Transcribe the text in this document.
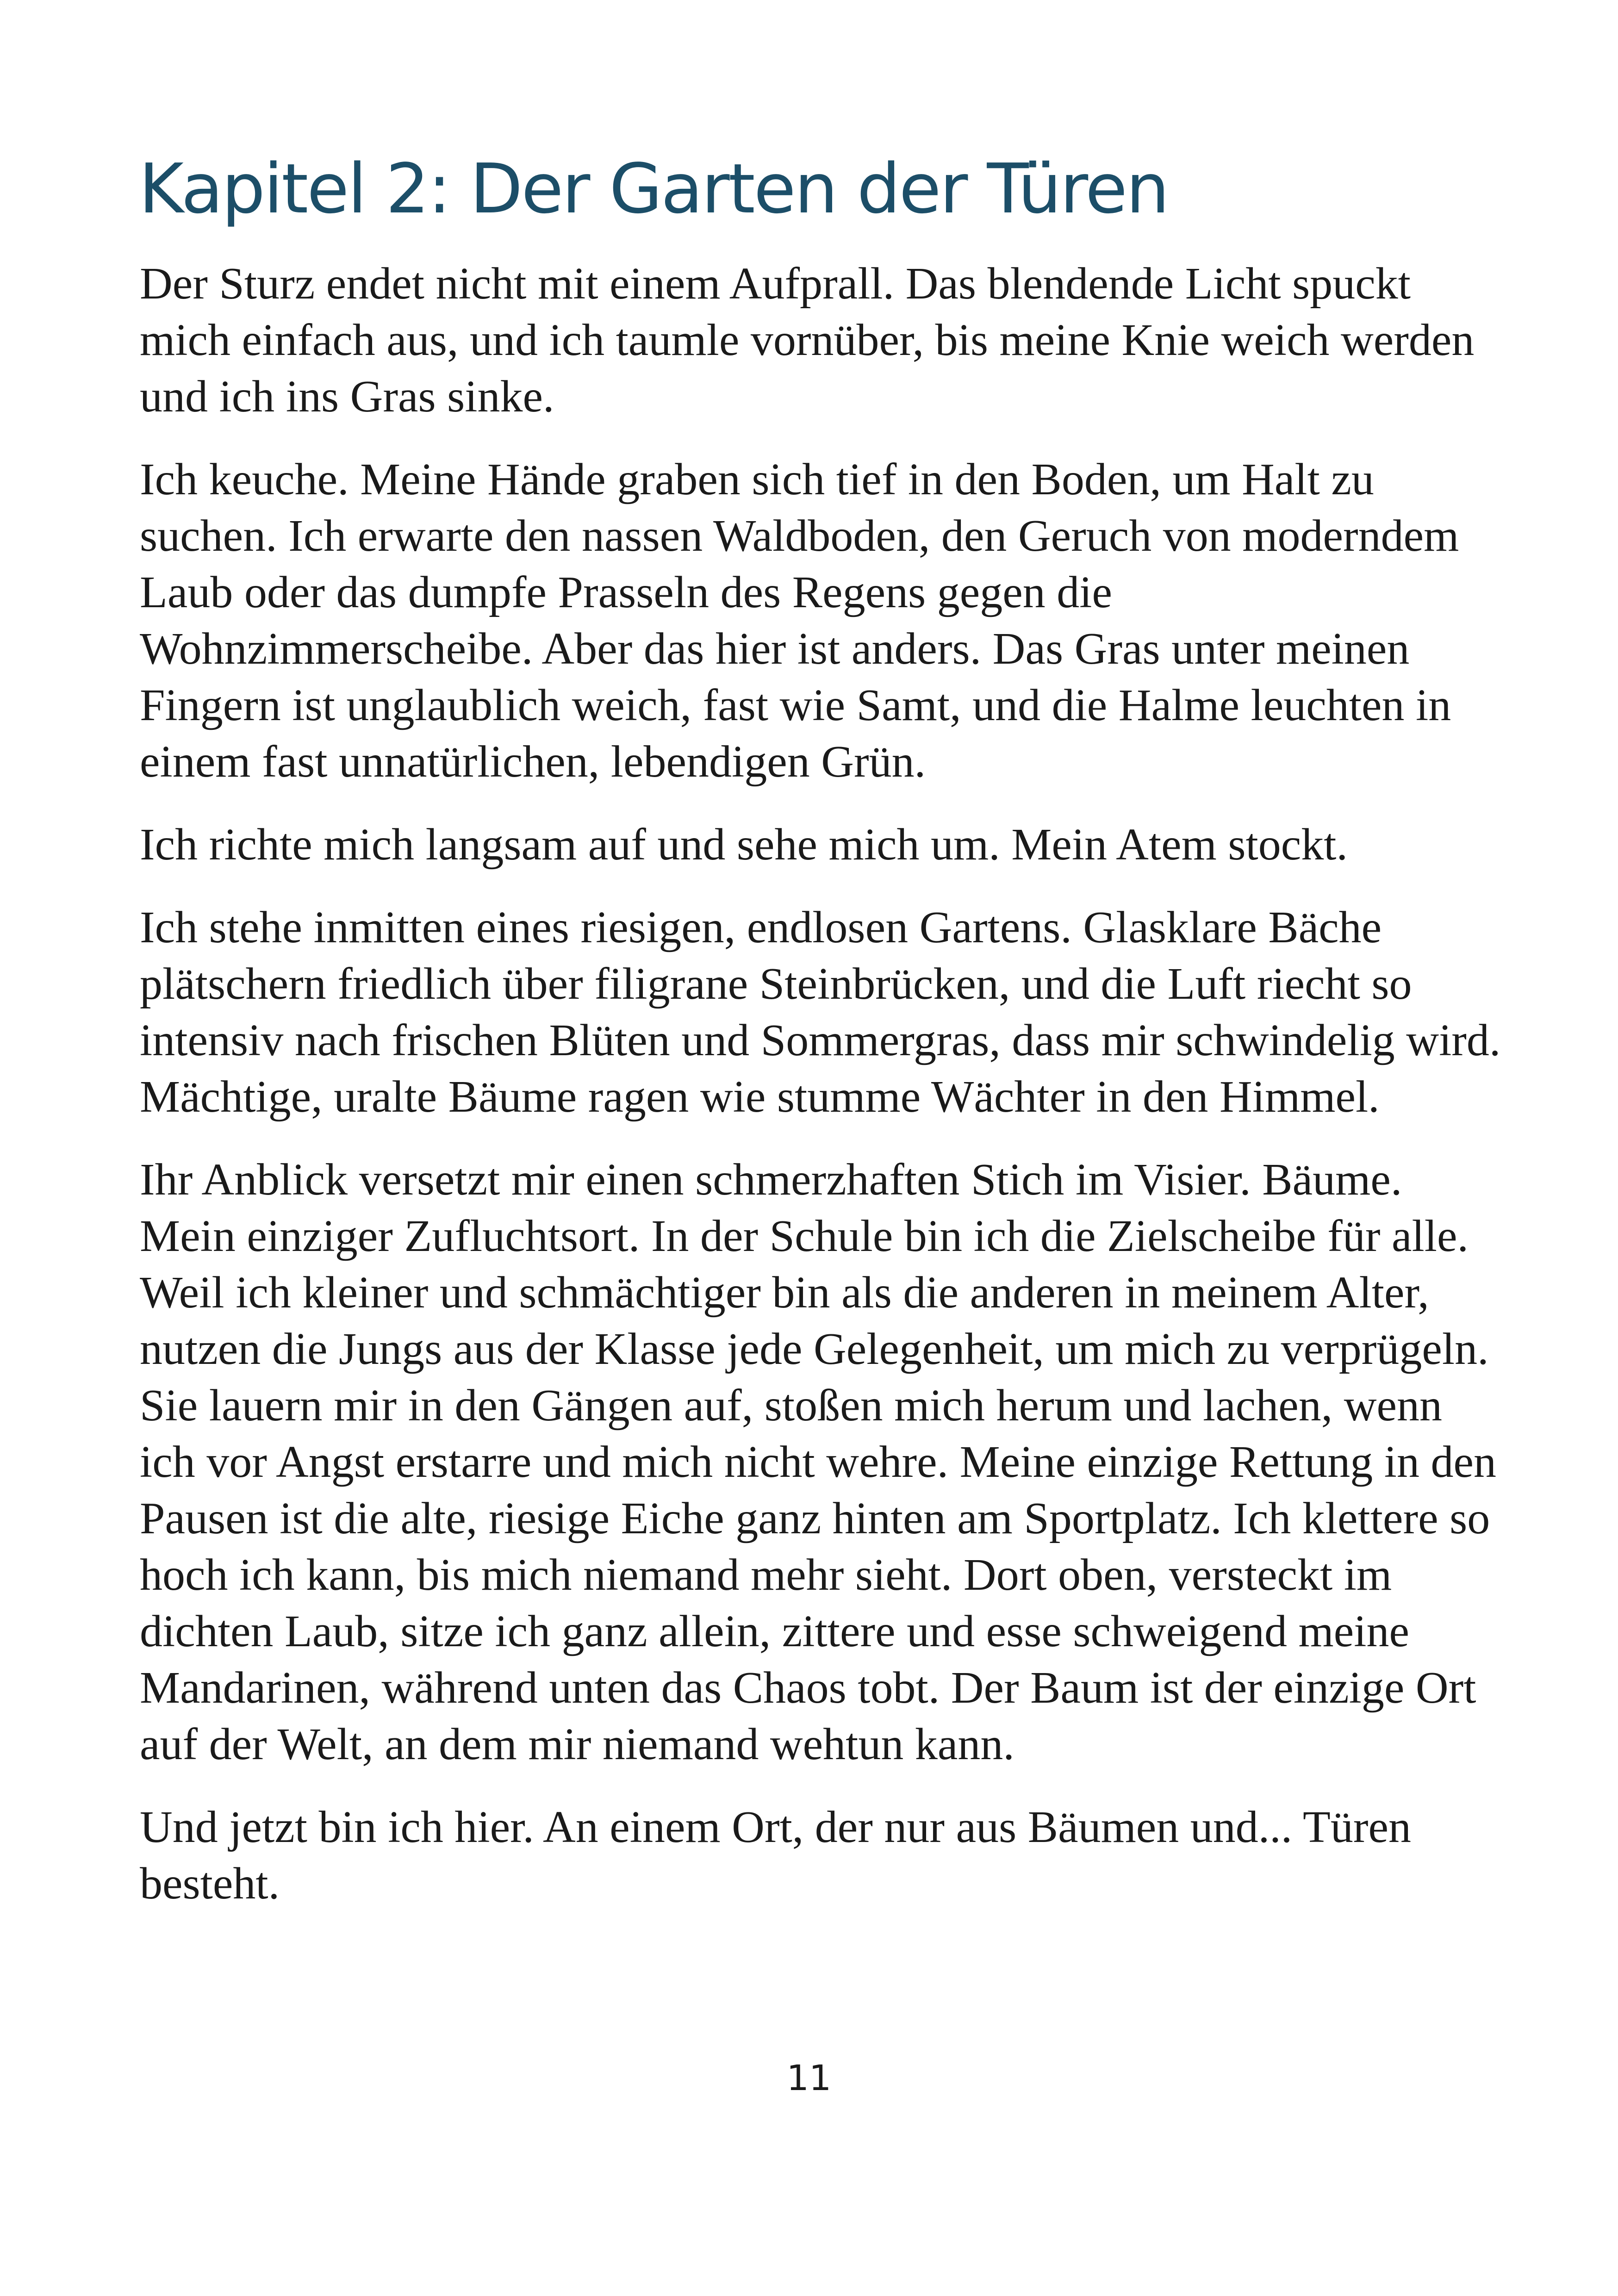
Kapitel 2: Der Garten der Türen

Der Sturz endet nicht mit einem Aufprall. Das blendende Licht spuckt
mich einfach aus, und ich taumle vornüber, bis meine Knie weich werden
und ich ins Gras sinke.

Ich keuche. Meine Hände graben sich tief in den Boden, um Halt zu
suchen. Ich erwarte den nassen Waldboden, den Geruch von moderndem
Laub oder das dumpfe Prasseln des Regens gegen die
Wohnzimmerscheibe. Aber das hier ist anders. Das Gras unter meinen
Fingern ist unglaublich weich, fast wie Samt, und die Halme leuchten in
einem fast unnatürlichen, lebendigen Grün.

Ich richte mich langsam auf und sehe mich um. Mein Atem stockt.

Ich stehe inmitten eines riesigen, endlosen Gartens. Glasklare Bäche
plätschern friedlich über filigrane Steinbrücken, und die Luft riecht so
intensiv nach frischen Blüten und Sommergras, dass mir schwindelig wird.
Mächtige, uralte Bäume ragen wie stumme Wächter in den Himmel.

Ihr Anblick versetzt mir einen schmerzhaften Stich im Visier. Bäume.
Mein einziger Zufluchtsort. In der Schule bin ich die Zielscheibe für alle.
Weil ich kleiner und schmächtiger bin als die anderen in meinem Alter,
nutzen die Jungs aus der Klasse jede Gelegenheit, um mich zu verprügeln.
Sie lauern mir in den Gängen auf, stoßen mich herum und lachen, wenn
ich vor Angst erstarre und mich nicht wehre. Meine einzige Rettung in den
Pausen ist die alte, riesige Eiche ganz hinten am Sportplatz. Ich klettere so
hoch ich kann, bis mich niemand mehr sieht. Dort oben, versteckt im
dichten Laub, sitze ich ganz allein, zittere und esse schweigend meine
Mandarinen, während unten das Chaos tobt. Der Baum ist der einzige Ort
auf der Welt, an dem mir niemand wehtun kann.

Und jetzt bin ich hier. An einem Ort, der nur aus Bäumen und... Türen
besteht.

11
